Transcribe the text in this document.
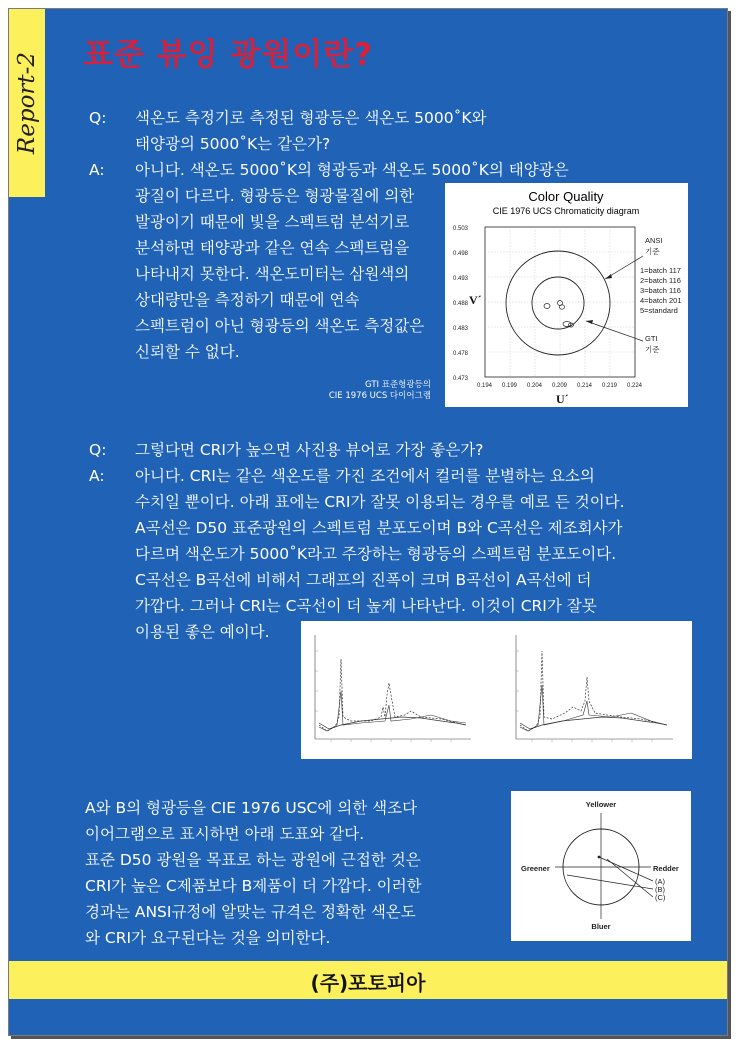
Report-2 표준 뷰잉 광원이란?
Q: 색온도 측정기로 측정된 형광등은 색온도 5000˚K와
태양광의 5000˚K는 같은가?
A: 아니다. 색온도 5000˚K의 형광등과 색온도 5000˚K의 태양광은
광질이 다르다. 형광등은 형광물질에 의한
발광이기 때문에 빛을 스펙트럼 분석기로
분석하면 태양광과 같은 연속 스펙트럼을
나타내지 못한다. 색온도미터는 삼원색의
상대량만을 측정하기 때문에 연속
스펙트럼이 아닌 형광등의 색온도 측정값은
신뢰할 수 없다.
Color Quality
CIE 1976 UCS Chromaticity diagram
0.503
0.498
0.493
0.488
0.483
0.478
0.473
0.194 0.199 0.204 0.209 0.214 0.219 0.224
V´
U´
ANSI
기준
1=batch 117
2=batch 116
3=batch 116
4=batch 201
5=standard
GTI
기준
GTI 표준형광등의
CIE 1976 UCS 다이어그램
Q: 그렇다면 CRI가 높으면 사진용 뷰어로 가장 좋은가?
A: 아니다. CRI는 같은 색온도를 가진 조건에서 컬러를 분별하는 요소의
수치일 뿐이다. 아래 표에는 CRI가 잘못 이용되는 경우를 예로 든 것이다.
A곡선은 D50 표준광원의 스펙트럼 분포도이며 B와 C곡선은 제조회사가
다르며 색온도가 5000˚K라고 주장하는 형광등의 스펙트럼 분포도이다.
C곡선은 B곡선에 비해서 그래프의 진폭이 크며 B곡선이 A곡선에 더
가깝다. 그러나 CRI는 C곡선이 더 높게 나타난다. 이것이 CRI가 잘못
이용된 좋은 예이다.
A와 B의 형광등을 CIE 1976 USC에 의한 색조다
이어그램으로 표시하면 아래 도표와 같다.
표준 D50 광원을 목표로 하는 광원에 근접한 것은
CRI가 높은 C제품보다 B제품이 더 가깝다. 이러한
경과는 ANSI규정에 알맞는 규격은 정확한 색온도
와 CRI가 요구된다는 것을 의미한다.
Yellower
Bluer
Greener	Redder
(A)
(B)
(C)
(주)포토피아
